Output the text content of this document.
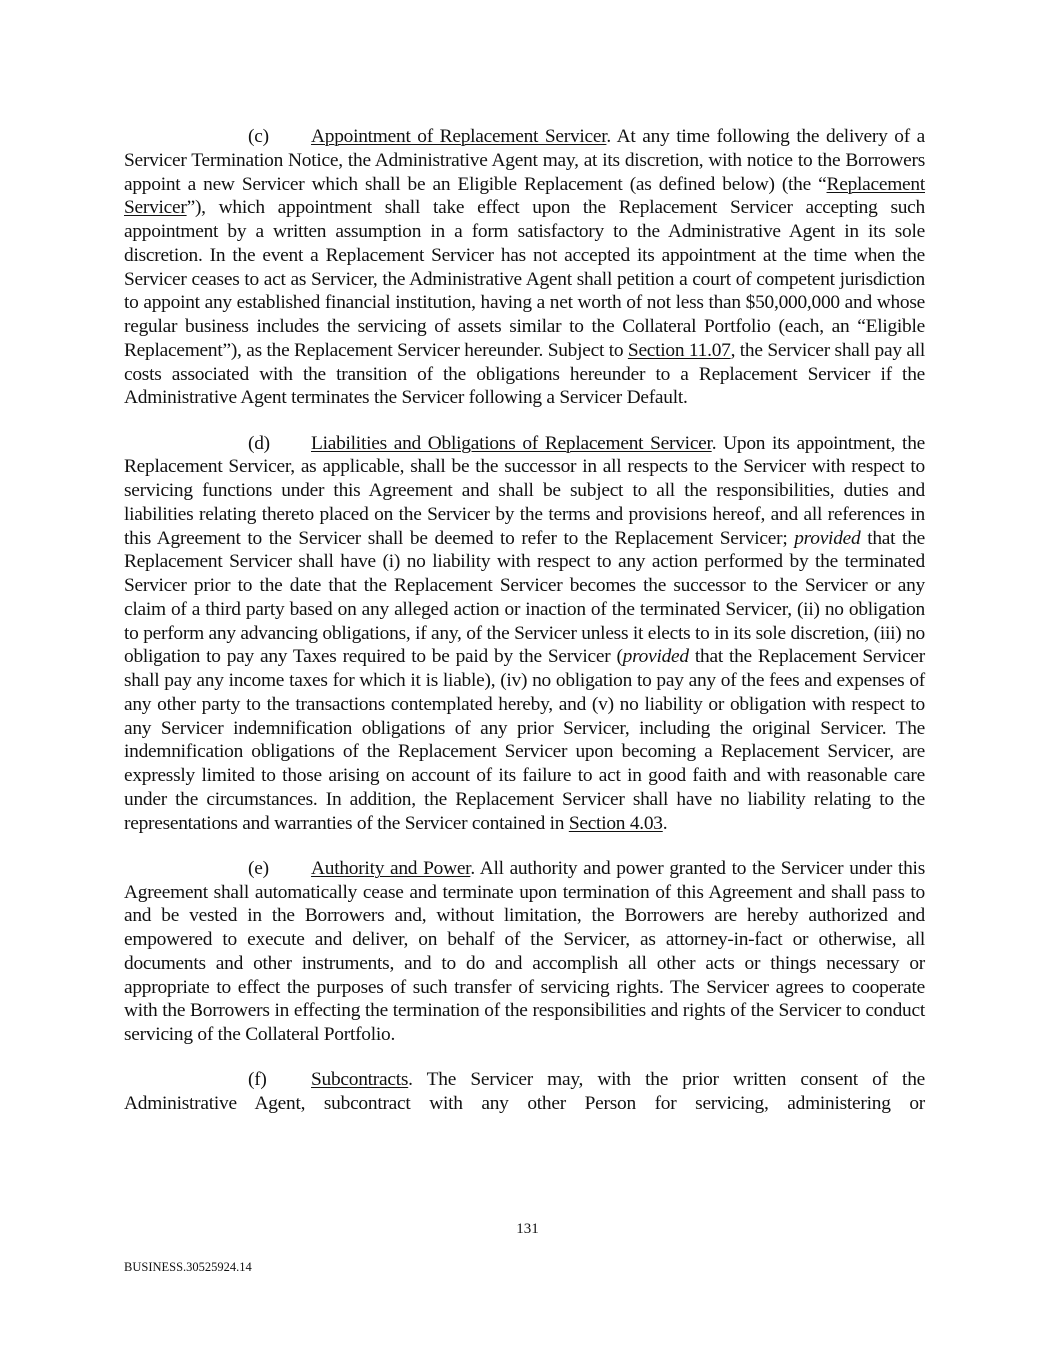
(c) Appointment of Replacement Servicer. At any time following the delivery of a Servicer Termination Notice, the Administrative Agent may, at its discretion, with notice to the Borrowers appoint a new Servicer which shall be an Eligible Replacement (as defined below) (the “Replacement Servicer”), which appointment shall take effect upon the Replacement Servicer accepting such appointment by a written assumption in a form satisfactory to the Administrative Agent in its sole discretion. In the event a Replacement Servicer has not accepted its appointment at the time when the Servicer ceases to act as Servicer, the Administrative Agent shall petition a court of competent jurisdiction to appoint any established financial institution, having a net worth of not less than $50,000,000 and whose regular business includes the servicing of assets similar to the Collateral Portfolio (each, an “Eligible Replacement”), as the Replacement Servicer hereunder. Subject to Section 11.07, the Servicer shall pay all costs associated with the transition of the obligations hereunder to a Replacement Servicer if the Administrative Agent terminates the Servicer following a Servicer Default.

(d) Liabilities and Obligations of Replacement Servicer. Upon its appointment, the Replacement Servicer, as applicable, shall be the successor in all respects to the Servicer with respect to servicing functions under this Agreement and shall be subject to all the responsibilities, duties and liabilities relating thereto placed on the Servicer by the terms and provisions hereof, and all references in this Agreement to the Servicer shall be deemed to refer to the Replacement Servicer; provided that the Replacement Servicer shall have (i) no liability with respect to any action performed by the terminated Servicer prior to the date that the Replacement Servicer becomes the successor to the Servicer or any claim of a third party based on any alleged action or inaction of the terminated Servicer, (ii) no obligation to perform any advancing obligations, if any, of the Servicer unless it elects to in its sole discretion, (iii) no obligation to pay any Taxes required to be paid by the Servicer (provided that the Replacement Servicer shall pay any income taxes for which it is liable), (iv) no obligation to pay any of the fees and expenses of any other party to the transactions contemplated hereby, and (v) no liability or obligation with respect to any Servicer indemnification obligations of any prior Servicer, including the original Servicer. The indemnification obligations of the Replacement Servicer upon becoming a Replacement Servicer, are expressly limited to those arising on account of its failure to act in good faith and with reasonable care under the circumstances. In addition, the Replacement Servicer shall have no liability relating to the representations and warranties of the Servicer contained in Section 4.03.

(e) Authority and Power. All authority and power granted to the Servicer under this Agreement shall automatically cease and terminate upon termination of this Agreement and shall pass to and be vested in the Borrowers and, without limitation, the Borrowers are hereby authorized and empowered to execute and deliver, on behalf of the Servicer, as attorney-in-fact or otherwise, all documents and other instruments, and to do and accomplish all other acts or things necessary or appropriate to effect the purposes of such transfer of servicing rights. The Servicer agrees to cooperate with the Borrowers in effecting the termination of the responsibilities and rights of the Servicer to conduct servicing of the Collateral Portfolio.

(f) Subcontracts. The Servicer may, with the prior written consent of the Administrative Agent, subcontract with any other Person for servicing, administering or

131
BUSINESS.30525924.14
